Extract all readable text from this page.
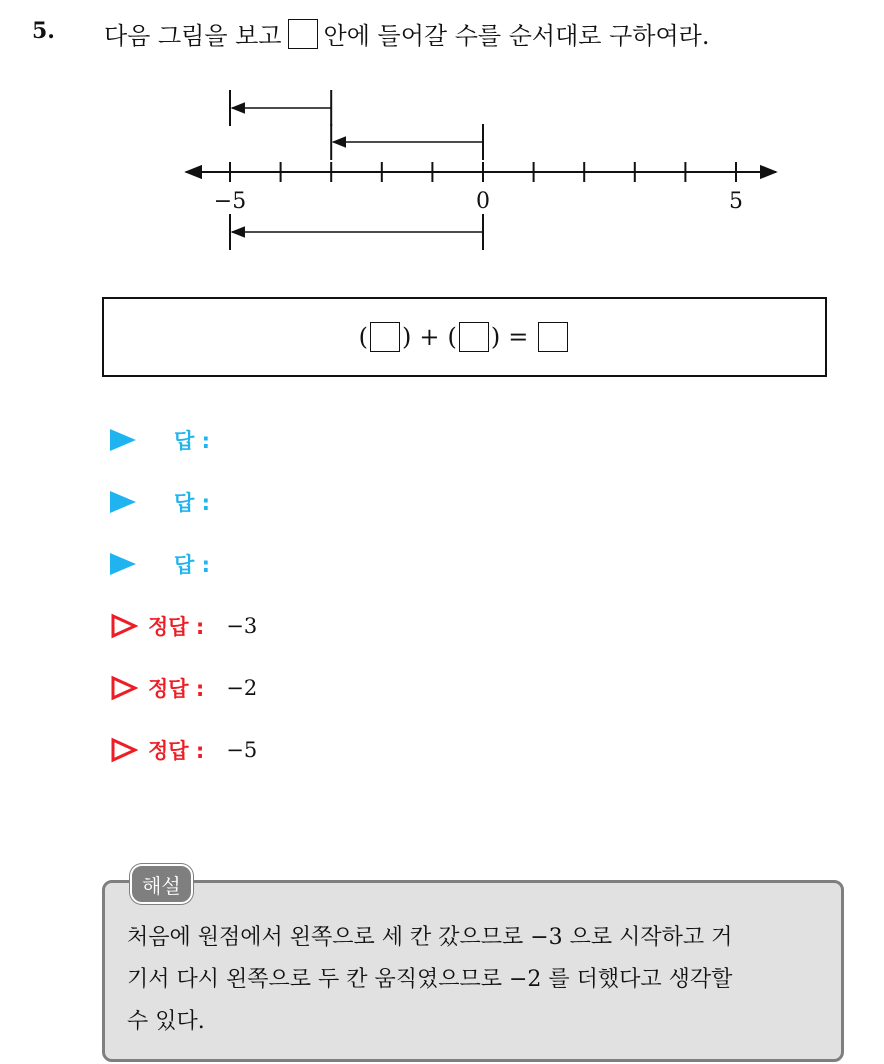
5. 다음 그림을 보고 안에 들어갈 수를 순서대로 구하여라.
−5	0	5
( ) + ( ) =
답 :
답 :
답 :
정답 : −3
정답 : −2
정답 : −5
해설
처음에 원점에서 왼쪽으로 세 칸 갔으므로 −3 으로 시작하고 거
기서 다시 왼쪽으로 두 칸 움직였으므로 −2 를 더했다고 생각할
수 있다.
